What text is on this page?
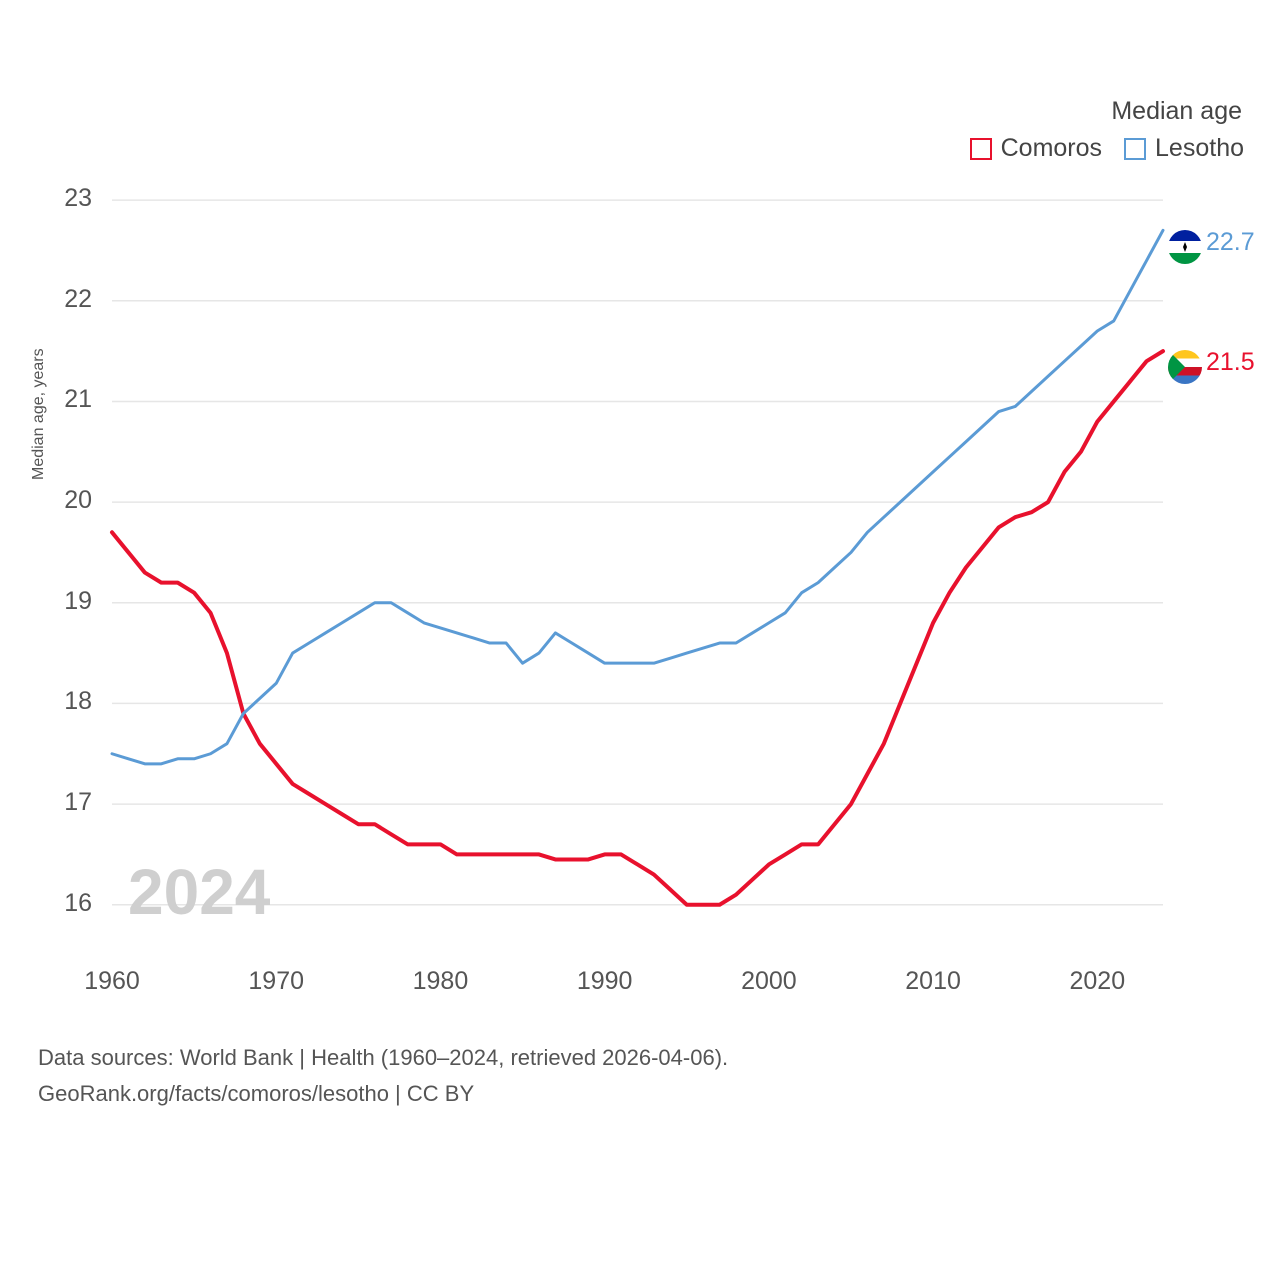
Median age
Comoros Lesotho
Median age, years
16
17
18
19
20
21
22
23
1960	1970	1980	1990	2000	2010	2020
2024
22.7
21.5
Data sources: World Bank | Health (1960–2024, retrieved 2026-04-06).
GeoRank.org/facts/comoros/lesotho | CC BY
